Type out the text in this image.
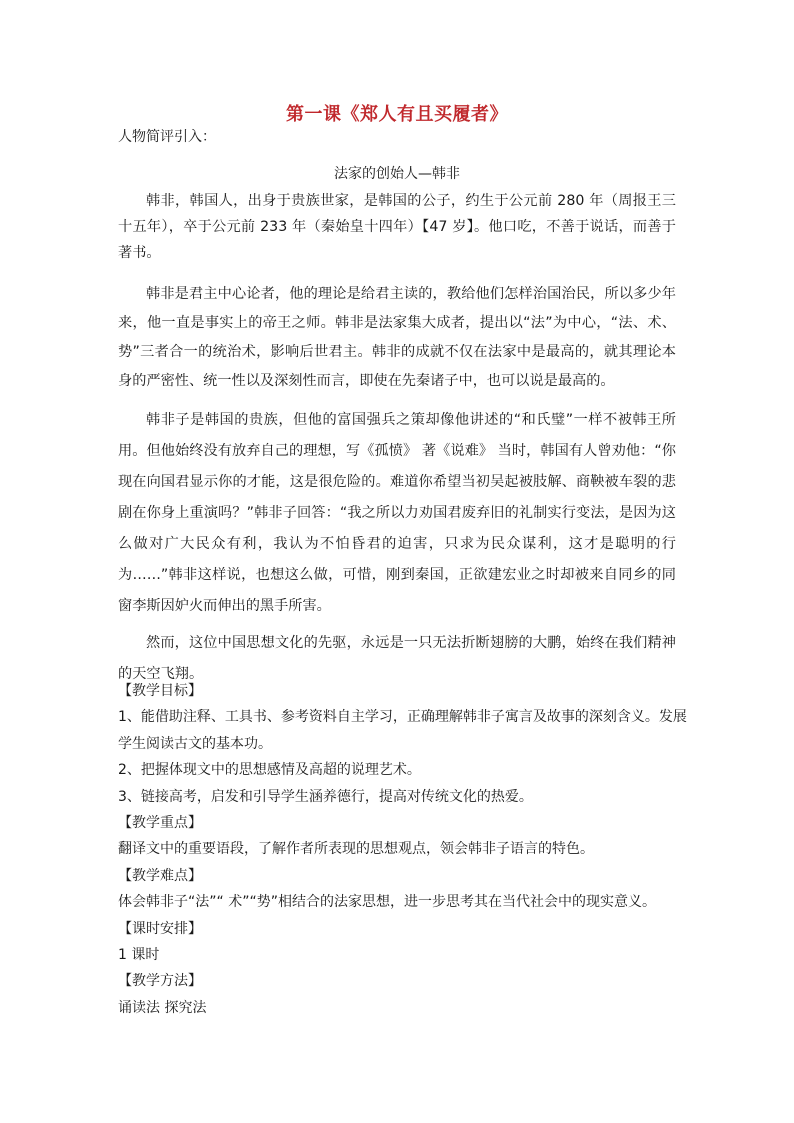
第一课《郑人有且买履者》
人物简评引入：
法家的创始人—韩非

韩非，韩国人，出身于贵族世家，是韩国的公子，约生于公元前 280 年（周报王三十五年），卒于公元前 233 年（秦始皇十四年）【47 岁】。他口吃，不善于说话，而善于著书。

韩非是君主中心论者，他的理论是给君主读的，教给他们怎样治国治民，所以多少年来，他一直是事实上的帝王之师。韩非是法家集大成者，提出以“法”为中心，“法、术、势”三者合一的统治术，影响后世君主。韩非的成就不仅在法家中是最高的，就其理论本身的严密性、统一性以及深刻性而言，即使在先秦诸子中，也可以说是最高的。

韩非子是韩国的贵族，但他的富国强兵之策却像他讲述的“和氏璧”一样不被韩王所用。但他始终没有放弃自己的理想，写《孤愤》 著《说难》 当时，韩国有人曾劝他：“你现在向国君显示你的才能，这是很危险的。难道你希望当初吴起被肢解、商鞅被车裂的悲剧在你身上重演吗？”韩非子回答：“我之所以力劝国君废弃旧的礼制实行变法，是因为这么做对广大民众有利，我认为不怕昏君的迫害，只求为民众谋利，这才是聪明的行为……”韩非这样说，也想这么做，可惜，刚到秦国，正欲建宏业之时却被来自同乡的同窗李斯因妒火而伸出的黑手所害。

然而，这位中国思想文化的先驱，永远是一只无法折断翅膀的大鹏，始终在我们精神的天空飞翔。

【教学目标】
1、能借助注释、工具书、参考资料自主学习，正确理解韩非子寓言及故事的深刻含义。发展学生阅读古文的基本功。
2、把握体现文中的思想感情及高超的说理艺术。
3、链接高考，启发和引导学生涵养德行，提高对传统文化的热爱。
【教学重点】
翻译文中的重要语段，了解作者所表现的思想观点，领会韩非子语言的特色。
【教学难点】
体会韩非子“法”“ 术”“势”相结合的法家思想，进一步思考其在当代社会中的现实意义。
【课时安排】
1 课时
【教学方法】
诵读法 探究法
